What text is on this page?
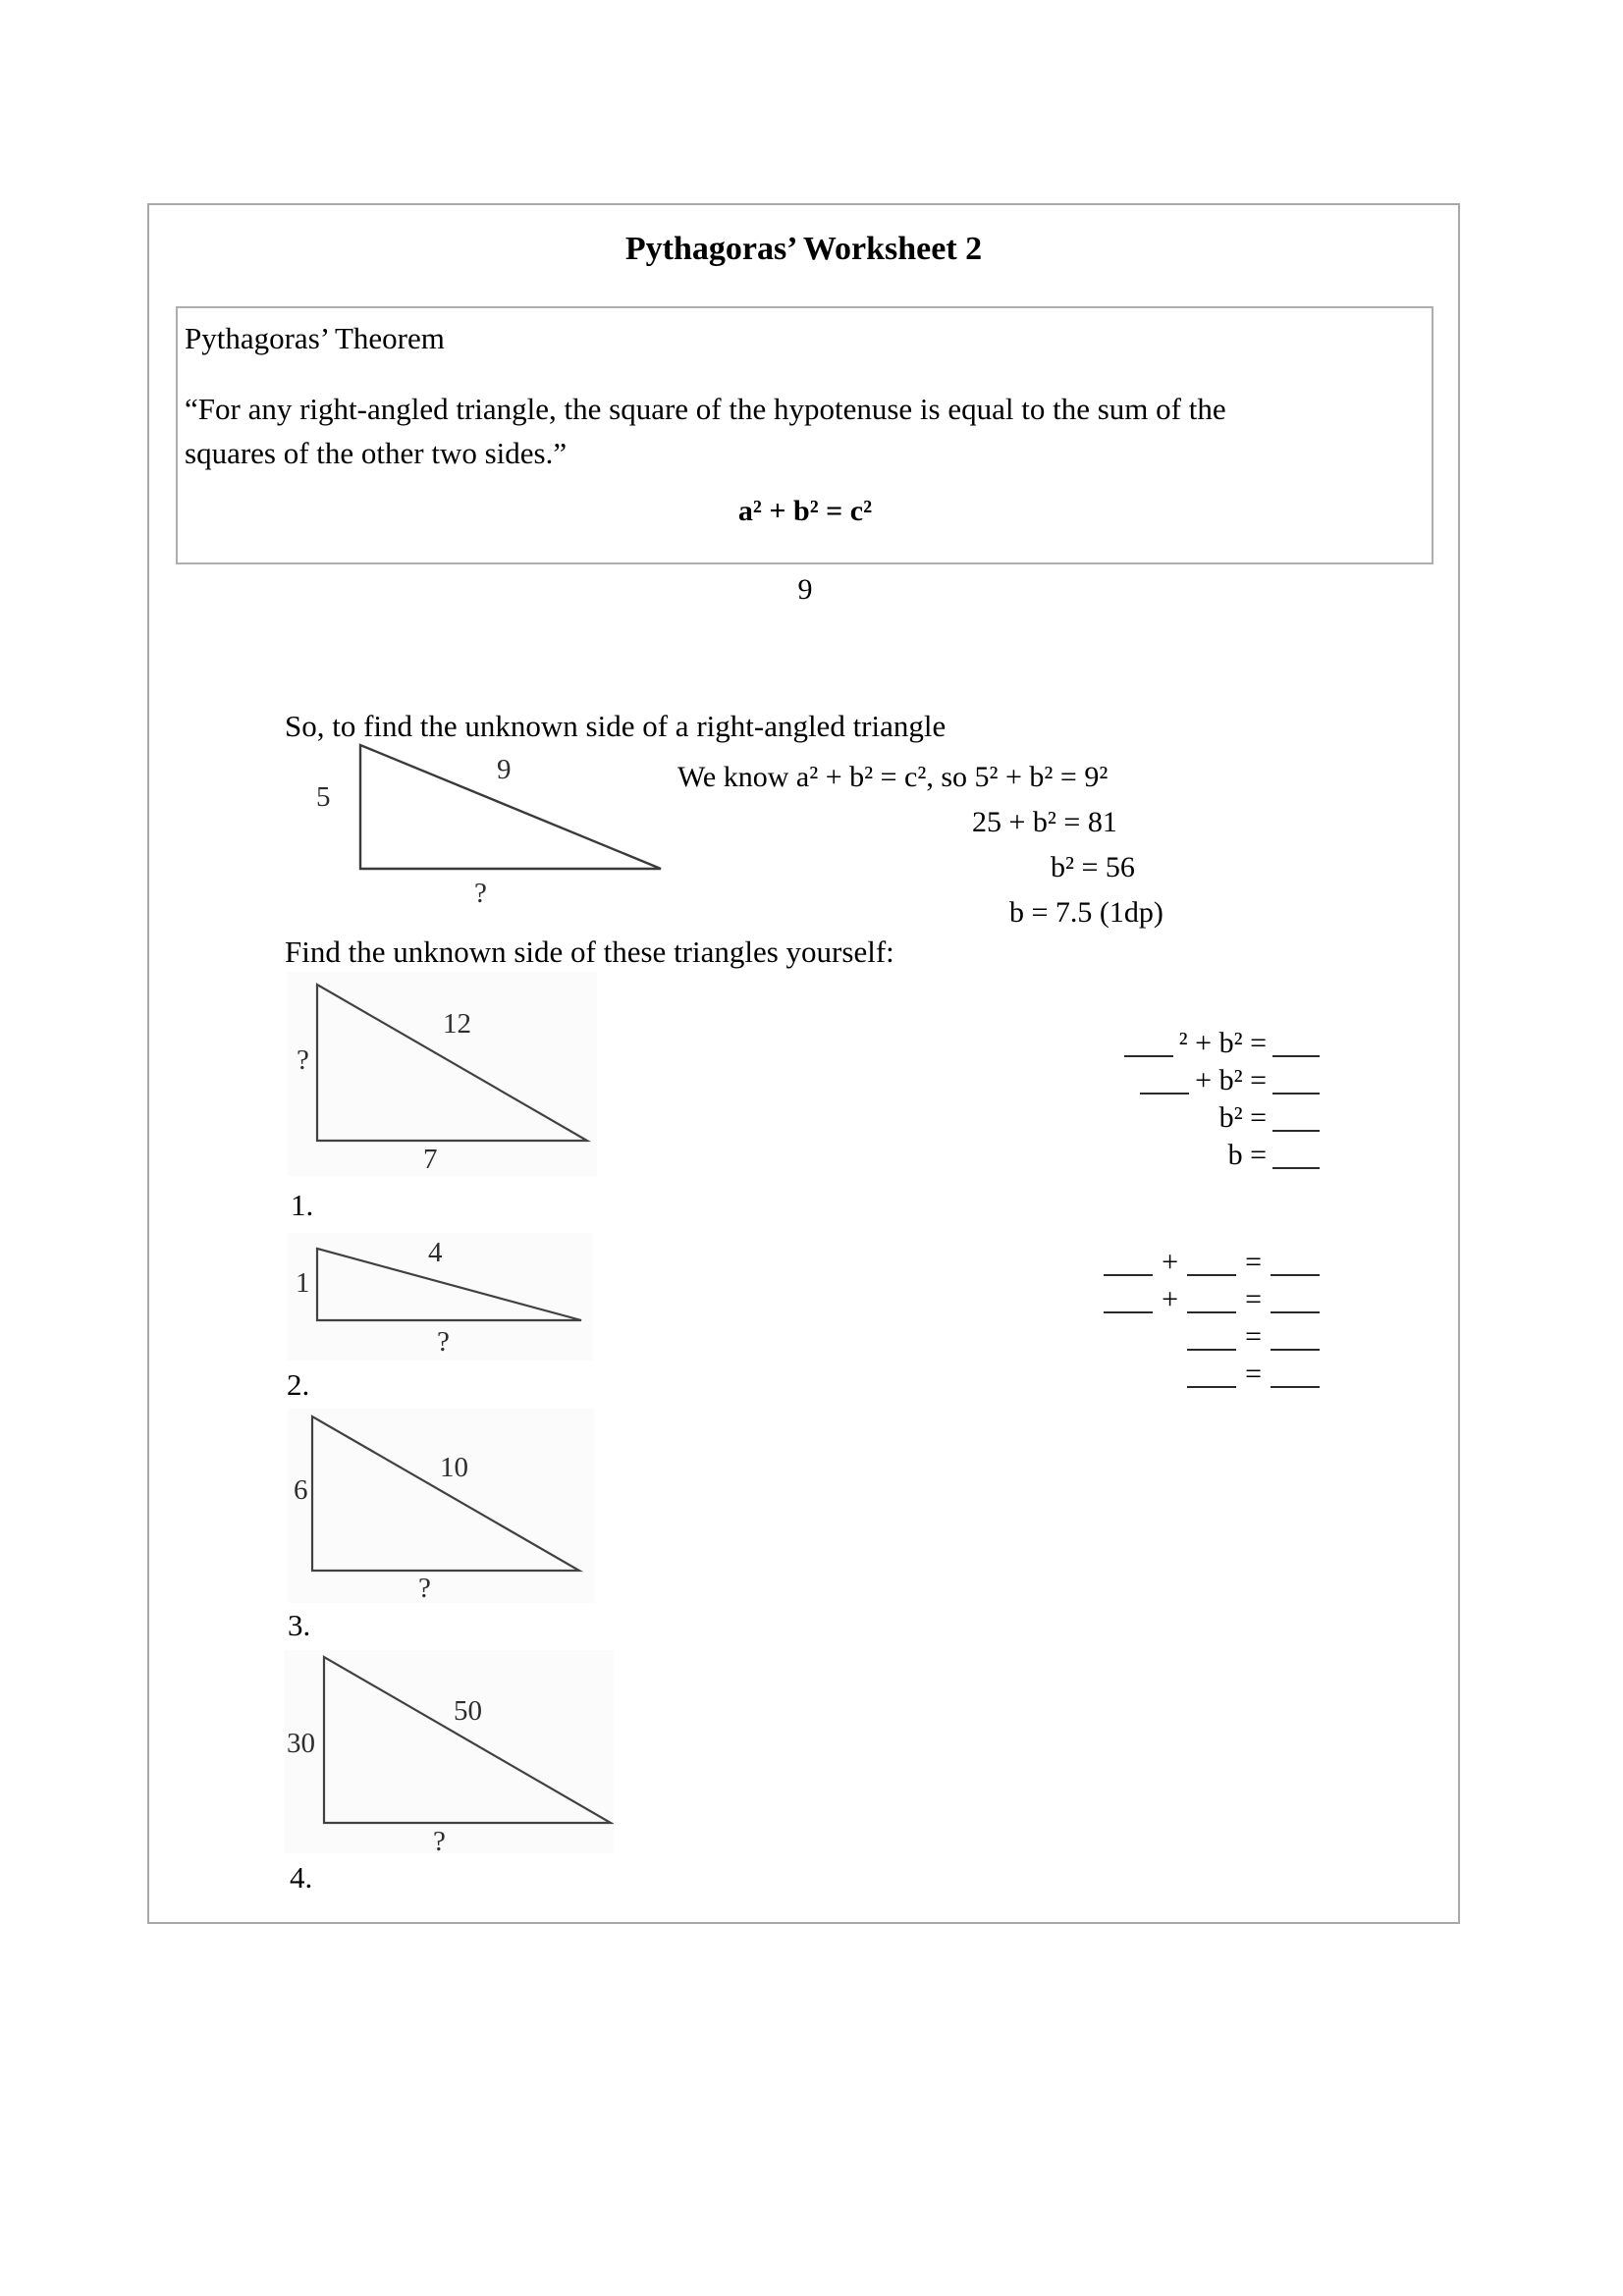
Pythagoras’ Worksheet 2
Pythagoras’ Theorem
“For any right-angled triangle, the square of the hypotenuse is equal to the sum of the squares of the other two sides.”
a² + b² = c²
9
So, to find the unknown side of a right-angled triangle
5
9
?
We know a² + b² = c², so 5² + b² = 9²
25 + b² = 81
b² = 56
b = 7.5 (1dp)
Find the unknown side of these triangles yourself:
?
12
7
1.
² + b² =
+ b² =
b² =
b =
1
4
?
2.
+ =
+ =
=
=
6
10
?
3.
30
50
?
4.
